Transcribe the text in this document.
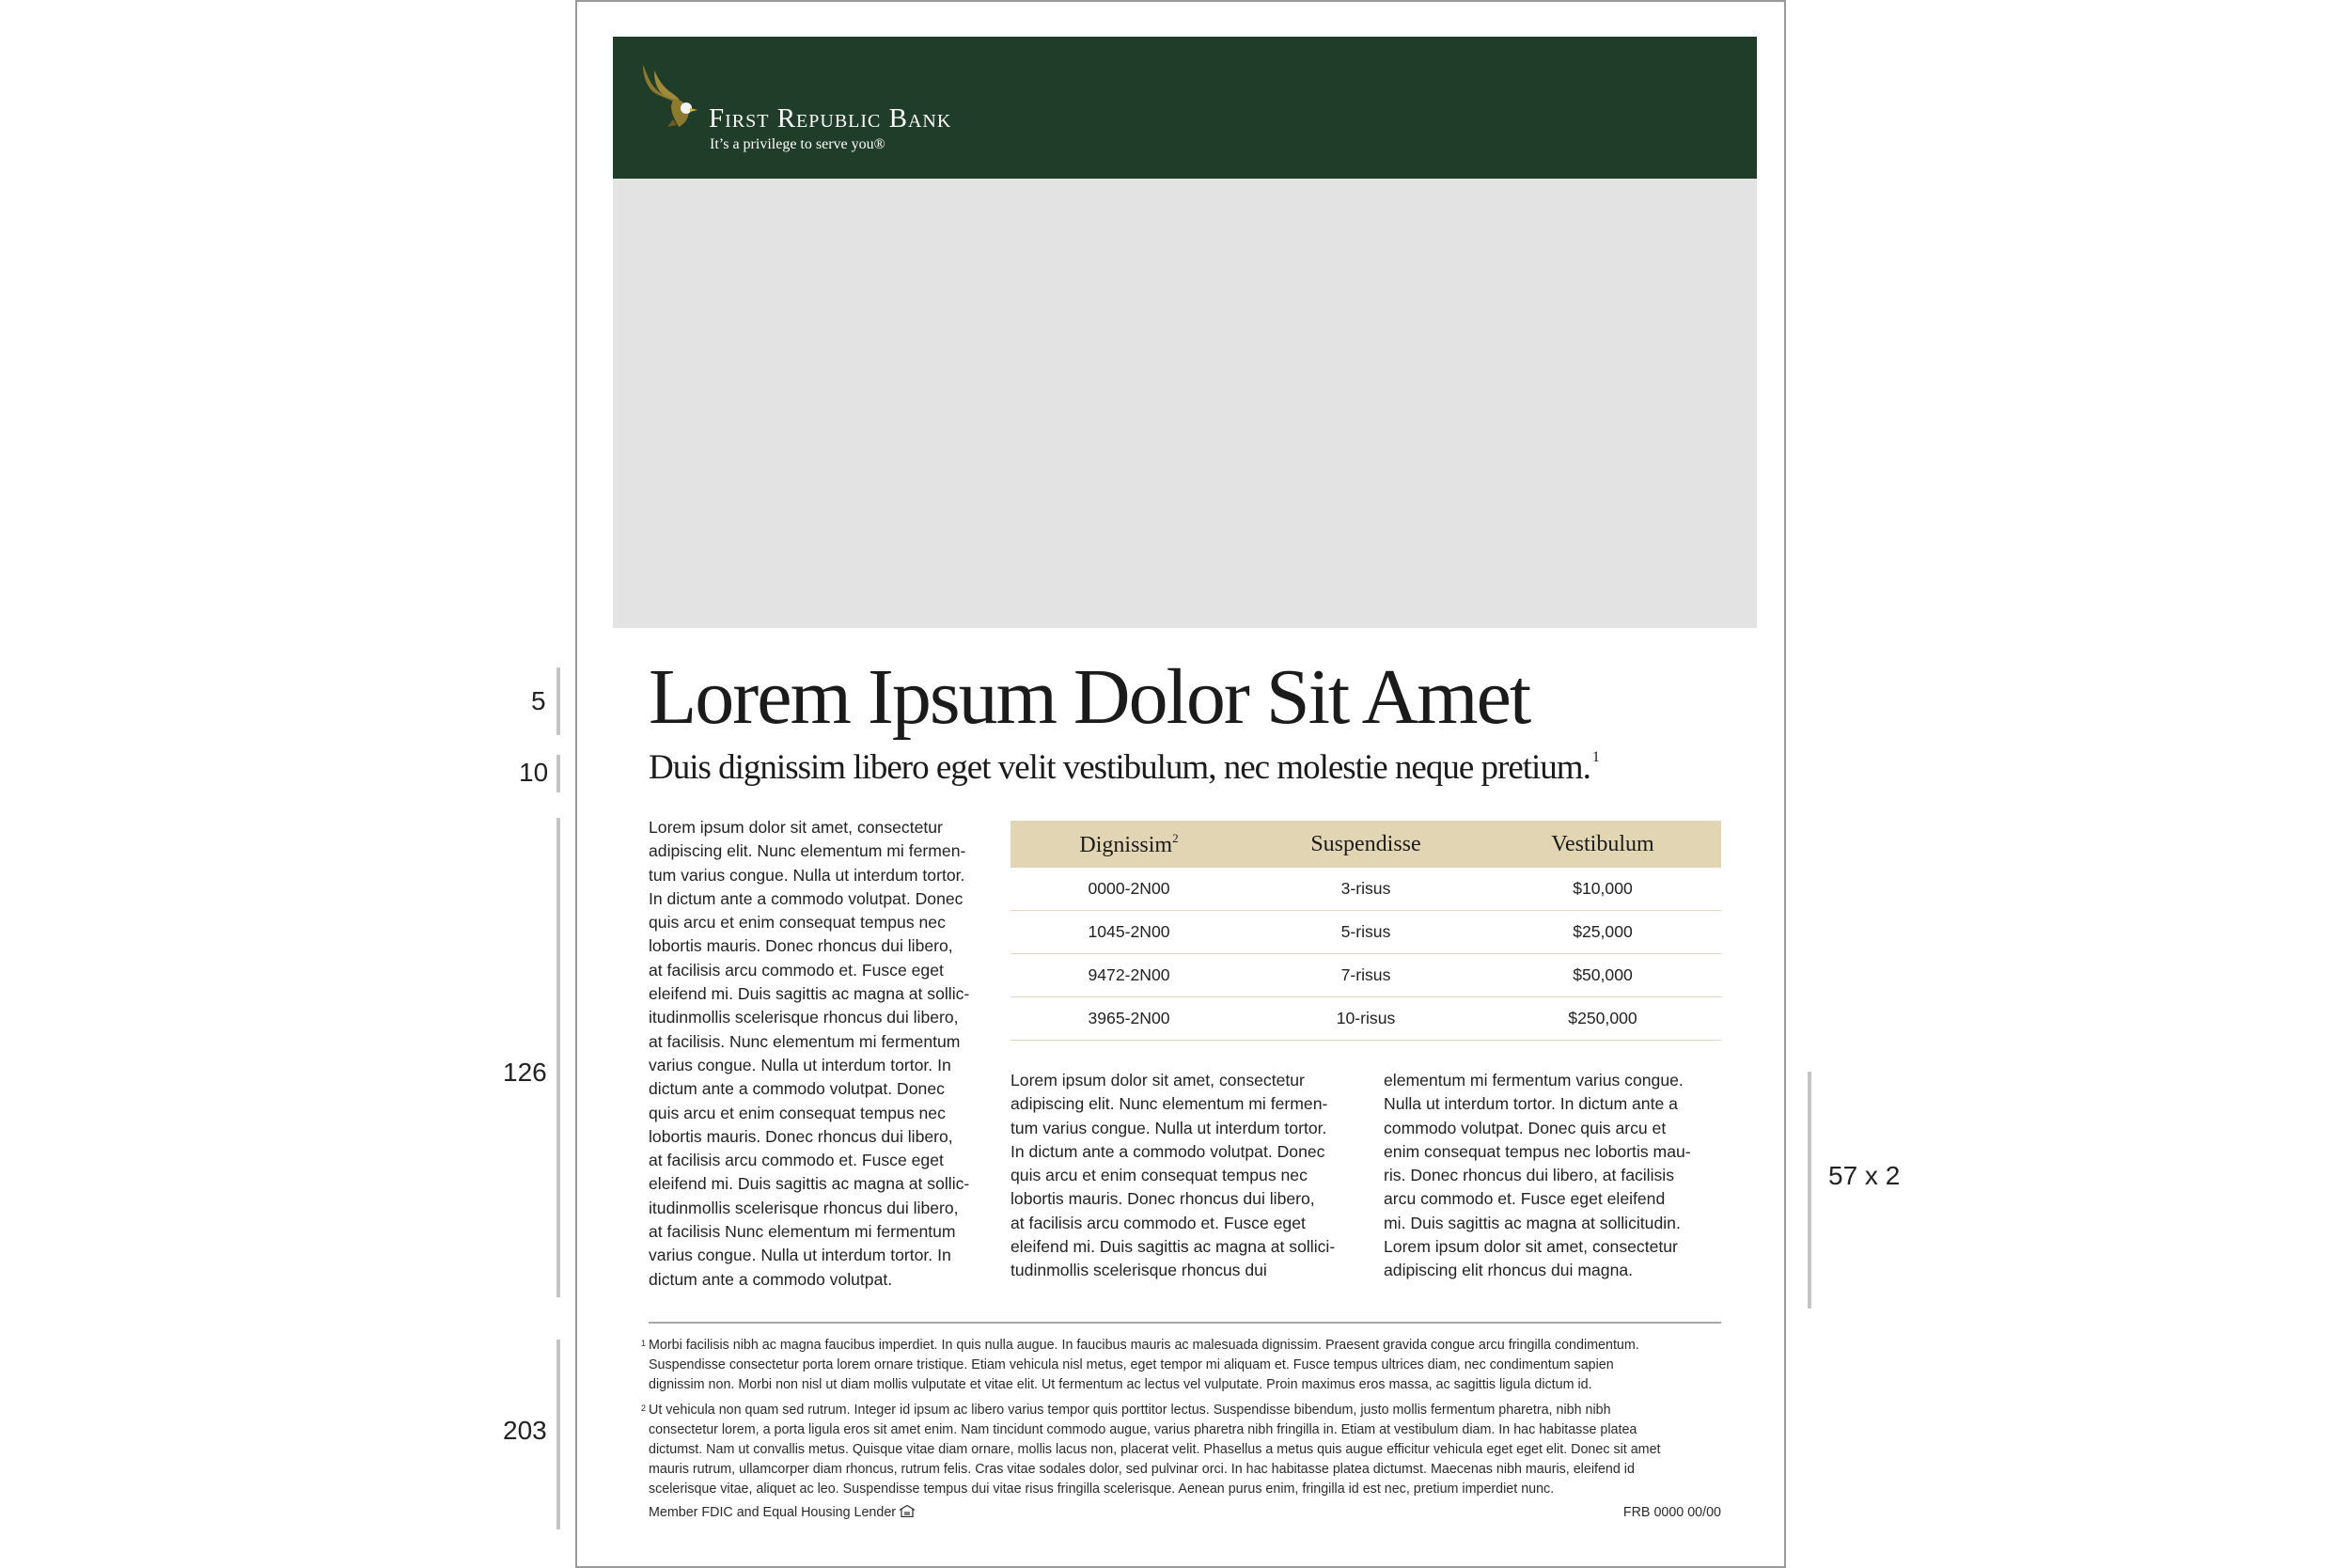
First Republic Bank
It’s a privilege to serve you®
Lorem Ipsum Dolor Sit Amet
Duis dignissim libero eget velit vestibulum, nec molestie neque pretium. $^1$
Lorem ipsum dolor sit amet, consectetur
adipiscing elit. Nunc elementum mi fermen-
tum varius congue. Nulla ut interdum tortor.
In dictum ante a commodo volutpat. Donec
quis arcu et enim consequat tempus nec
lobortis mauris. Donec rhoncus dui libero,
at facilisis arcu commodo et. Fusce eget
eleifend mi. Duis sagittis ac magna at sollic-
itudinmollis scelerisque rhoncus dui libero,
at facilisis. Nunc elementum mi fermentum
varius congue. Nulla ut interdum tortor. In
dictum ante a commodo volutpat. Donec
quis arcu et enim consequat tempus nec
lobortis mauris. Donec rhoncus dui libero,
at facilisis arcu commodo et. Fusce eget
eleifend mi. Duis sagittis ac magna at sollic-
itudinmollis scelerisque rhoncus dui libero,
at facilisis Nunc elementum mi fermentum
varius congue. Nulla ut interdum tortor. In
dictum ante a commodo volutpat.
Dignissim$^2$	Suspendisse	Vestibulum
0000-2N00	3-risus	$10,000
1045-2N00	5-risus	$25,000
9472-2N00	7-risus	$50,000
3965-2N00	10-risus	$250,000
Lorem ipsum dolor sit amet, consectetur
adipiscing elit. Nunc elementum mi fermen-
tum varius congue. Nulla ut interdum tortor.
In dictum ante a commodo volutpat. Donec
quis arcu et enim consequat tempus nec
lobortis mauris. Donec rhoncus dui libero,
at facilisis arcu commodo et. Fusce eget
eleifend mi. Duis sagittis ac magna at sollici-
tudinmollis scelerisque rhoncus dui
elementum mi fermentum varius congue.
Nulla ut interdum tortor. In dictum ante a
commodo volutpat. Donec quis arcu et
enim consequat tempus nec lobortis mau-
ris. Donec rhoncus dui libero, at facilisis
arcu commodo et. Fusce eget eleifend
mi. Duis sagittis ac magna at sollicitudin.
Lorem ipsum dolor sit amet, consectetur
adipiscing elit rhoncus dui magna.
1 Morbi facilisis nibh ac magna faucibus imperdiet. In quis nulla augue. In faucibus mauris ac malesuada dignissim. Praesent gravida congue arcu fringilla condimentum.
Suspendisse consectetur porta lorem ornare tristique. Etiam vehicula nisl metus, eget tempor mi aliquam et. Fusce tempus ultrices diam, nec condimentum sapien
dignissim non. Morbi non nisl ut diam mollis vulputate et vitae elit. Ut fermentum ac lectus vel vulputate. Proin maximus eros massa, ac sagittis ligula dictum id.
2 Ut vehicula non quam sed rutrum. Integer id ipsum ac libero varius tempor quis porttitor lectus. Suspendisse bibendum, justo mollis fermentum pharetra, nibh nibh
consectetur lorem, a porta ligula eros sit amet enim. Nam tincidunt commodo augue, varius pharetra nibh fringilla in. Etiam at vestibulum diam. In hac habitasse platea
dictumst. Nam ut convallis metus. Quisque vitae diam ornare, mollis lacus non, placerat velit. Phasellus a metus quis augue efficitur vehicula eget eget elit. Donec sit amet
mauris rutrum, ullamcorper diam rhoncus, rutrum felis. Cras vitae sodales dolor, sed pulvinar orci. In hac habitasse platea dictumst. Maecenas nibh mauris, eleifend id
scelerisque vitae, aliquet ac leo. Suspendisse tempus dui vitae risus fringilla scelerisque. Aenean purus enim, fringilla id est nec, pretium imperdiet nunc.
Member FDIC and Equal Housing Lender	FRB 0000 00/00
5
10
126
57 x 2
203
